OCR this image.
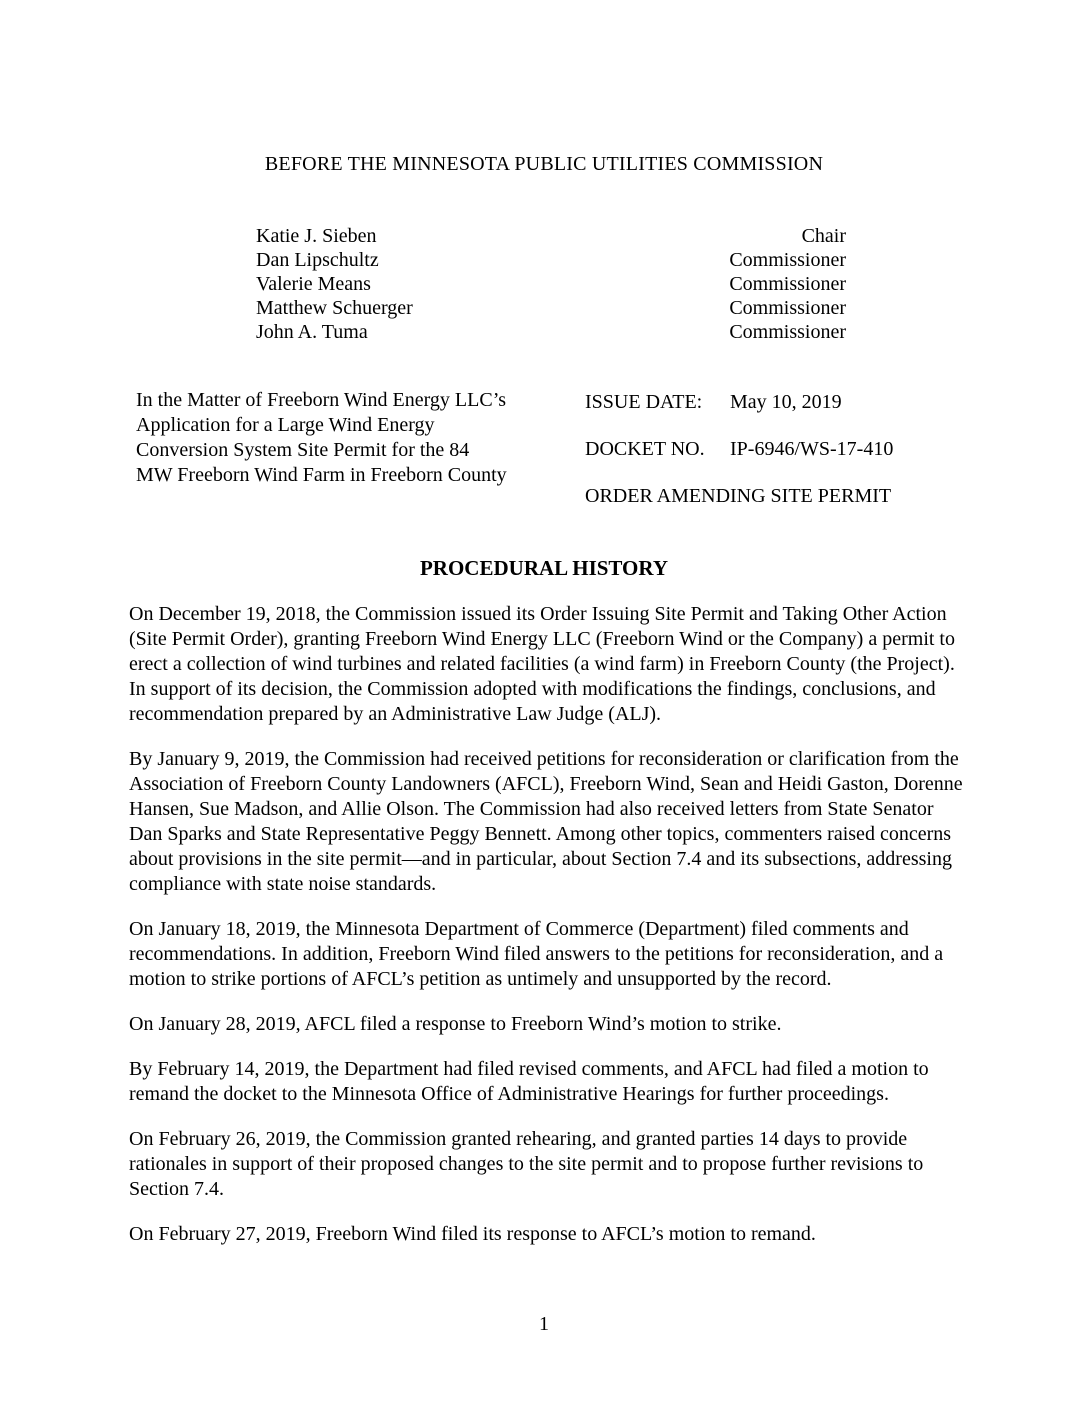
BEFORE THE MINNESOTA PUBLIC UTILITIES COMMISSION
Katie J. Sieben	Chair
Dan Lipschultz	Commissioner
Valerie Means	Commissioner
Matthew Schuerger	Commissioner
John A. Tuma	Commissioner
In the Matter of Freeborn Wind Energy LLC’s Application for a Large Wind Energy Conversion System Site Permit for the 84 MW Freeborn Wind Farm in Freeborn County
ISSUE DATE:	May 10, 2019
DOCKET NO.	IP-6946/WS-17-410
ORDER AMENDING SITE PERMIT
PROCEDURAL HISTORY

On December 19, 2018, the Commission issued its Order Issuing Site Permit and Taking Other Action (Site Permit Order), granting Freeborn Wind Energy LLC (Freeborn Wind or the Company) a permit to erect a collection of wind turbines and related facilities (a wind farm) in Freeborn County (the Project). In support of its decision, the Commission adopted with modifications the findings, conclusions, and recommendation prepared by an Administrative Law Judge (ALJ).

By January 9, 2019, the Commission had received petitions for reconsideration or clarification from the Association of Freeborn County Landowners (AFCL), Freeborn Wind, Sean and Heidi Gaston, Dorenne Hansen, Sue Madson, and Allie Olson. The Commission had also received letters from State Senator Dan Sparks and State Representative Peggy Bennett. Among other topics, commenters raised concerns about provisions in the site permit—and in particular, about Section 7.4 and its subsections, addressing compliance with state noise standards.

On January 18, 2019, the Minnesota Department of Commerce (Department) filed comments and recommendations. In addition, Freeborn Wind filed answers to the petitions for reconsideration, and a motion to strike portions of AFCL’s petition as untimely and unsupported by the record.

On January 28, 2019, AFCL filed a response to Freeborn Wind’s motion to strike.

By February 14, 2019, the Department had filed revised comments, and AFCL had filed a motion to remand the docket to the Minnesota Office of Administrative Hearings for further proceedings.

On February 26, 2019, the Commission granted rehearing, and granted parties 14 days to provide rationales in support of their proposed changes to the site permit and to propose further revisions to Section 7.4.

On February 27, 2019, Freeborn Wind filed its response to AFCL’s motion to remand.

1
